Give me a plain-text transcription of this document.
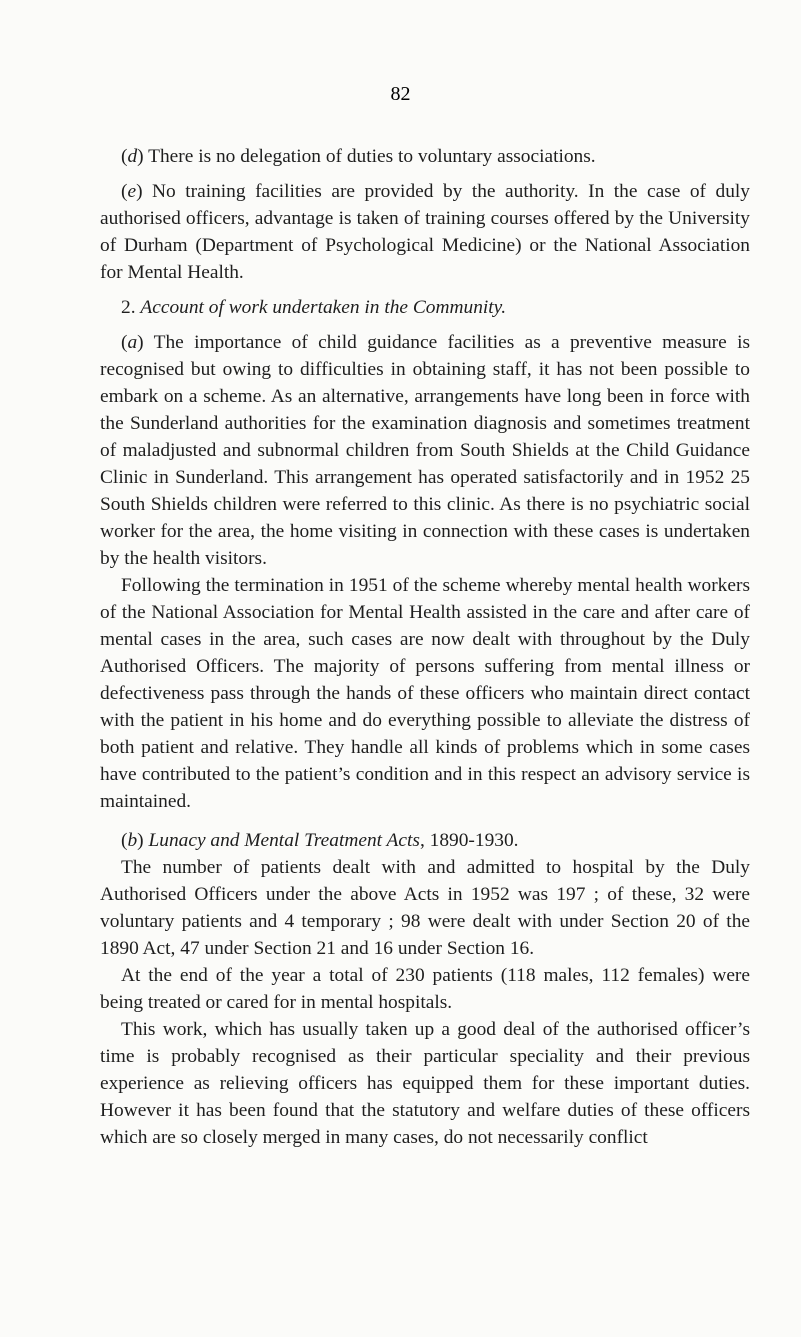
82

(d) There is no delegation of duties to voluntary associations.

(e) No training facilities are provided by the authority. In the case of duly authorised officers, advantage is taken of training courses offered by the University of Durham (Department of Psychological Medicine) or the National Association for Mental Health.

2. Account of work undertaken in the Community.

(a) The importance of child guidance facilities as a preventive measure is recognised but owing to difficulties in obtaining staff, it has not been possible to embark on a scheme. As an alternative, arrangements have long been in force with the Sunderland authorities for the examination diagnosis and sometimes treatment of maladjusted and subnormal children from South Shields at the Child Guidance Clinic in Sunderland. This arrangement has operated satisfactorily and in 1952 25 South Shields children were referred to this clinic. As there is no psychiatric social worker for the area, the home visiting in connection with these cases is undertaken by the health visitors.

Following the termination in 1951 of the scheme whereby mental health workers of the National Association for Mental Health assisted in the care and after care of mental cases in the area, such cases are now dealt with throughout by the Duly Authorised Officers. The majority of persons suffering from mental illness or defectiveness pass through the hands of these officers who maintain direct contact with the patient in his home and do everything possible to alleviate the distress of both patient and relative. They handle all kinds of problems which in some cases have contributed to the patient’s condition and in this respect an advisory service is maintained.

(b) Lunacy and Mental Treatment Acts, 1890-1930.

The number of patients dealt with and admitted to hospital by the Duly Authorised Officers under the above Acts in 1952 was 197 ; of these, 32 were voluntary patients and 4 temporary ; 98 were dealt with under Section 20 of the 1890 Act, 47 under Section 21 and 16 under Section 16.

At the end of the year a total of 230 patients (118 males, 112 females) were being treated or cared for in mental hospitals.

This work, which has usually taken up a good deal of the authorised officer’s time is probably recognised as their particular speciality and their previous experience as relieving officers has equipped them for these important duties. However it has been found that the statutory and welfare duties of these officers which are so closely merged in many cases, do not necessarily conflict
